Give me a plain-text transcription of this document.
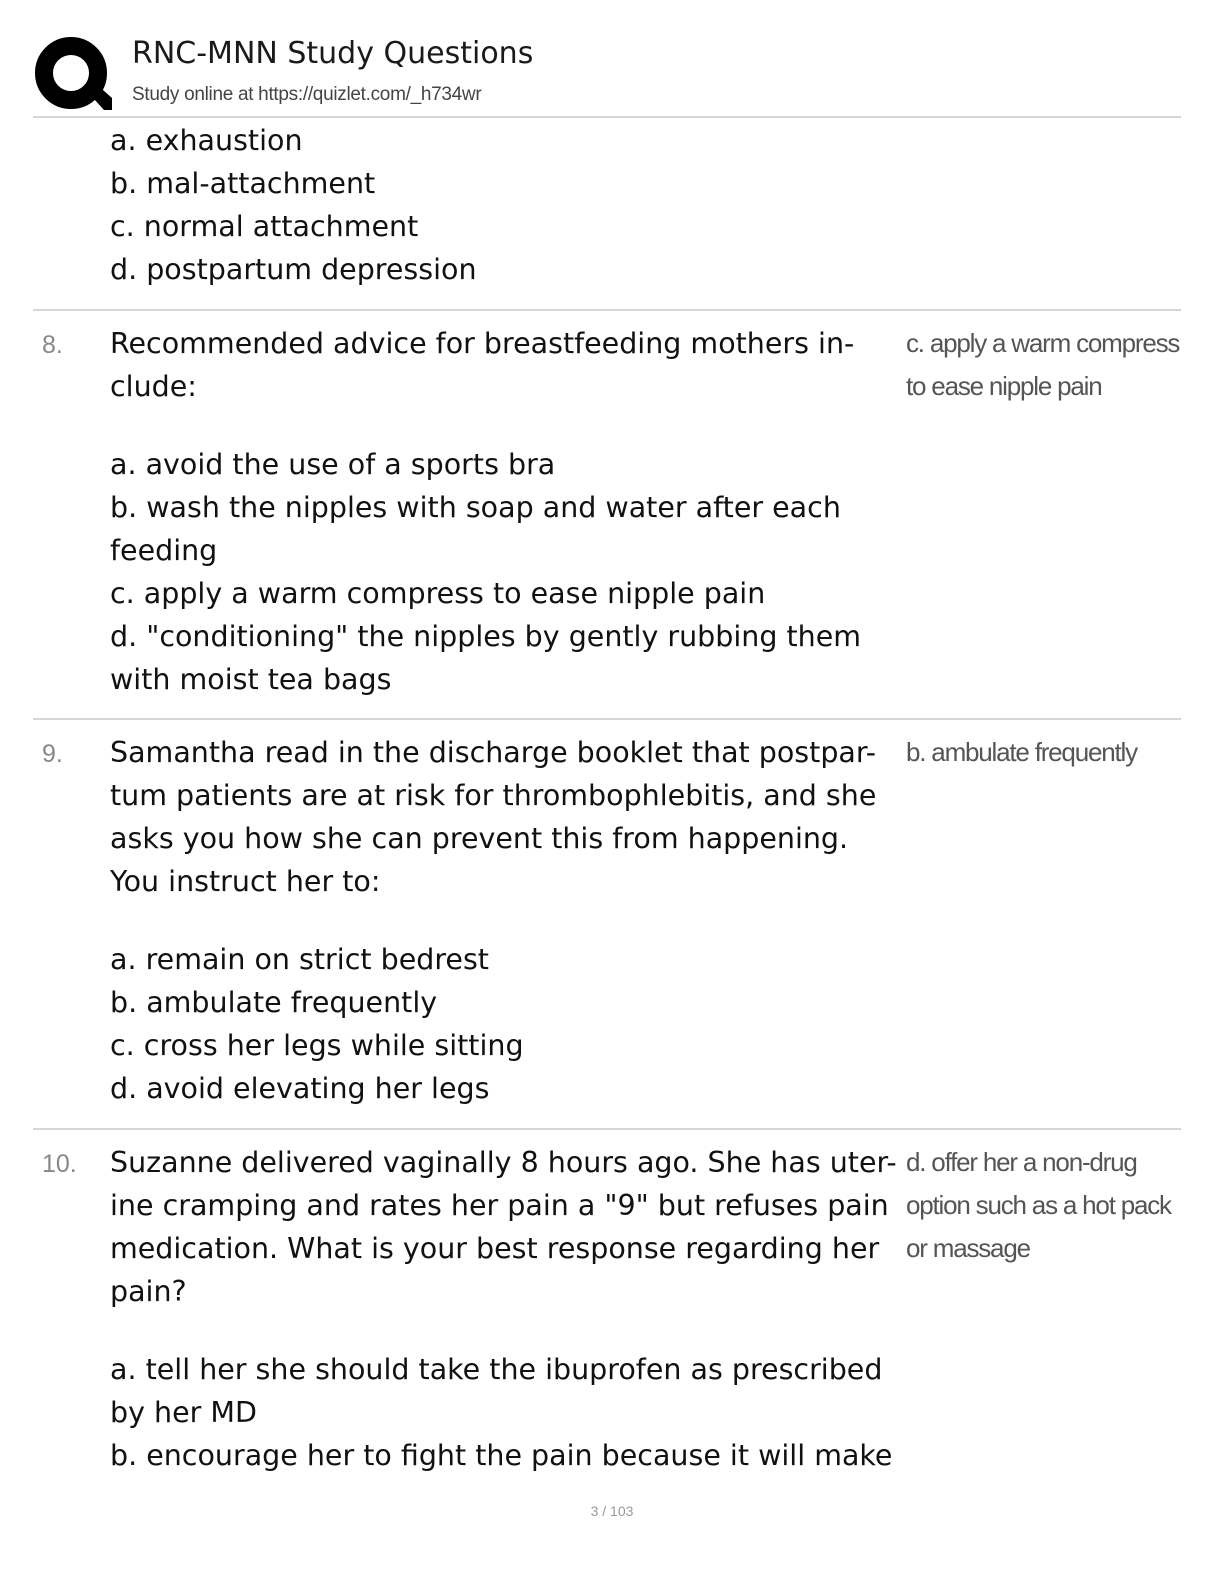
RNC-MNN Study Questions
Study online at https://quizlet.com/_h734wr
a. exhaustion
b. mal-attachment
c. normal attachment
d. postpartum depression
8. Recommended advice for breastfeeding mothers in-
clude:
a. avoid the use of a sports bra
b. wash the nipples with soap and water after each
feeding
c. apply a warm compress to ease nipple pain
d. "conditioning" the nipples by gently rubbing them
with moist tea bags
c. apply a warm compress
to ease nipple pain
9. Samantha read in the discharge booklet that postpar-
tum patients are at risk for thrombophlebitis, and she
asks you how she can prevent this from happening.
You instruct her to:
a. remain on strict bedrest
b. ambulate frequently
c. cross her legs while sitting
d. avoid elevating her legs
b. ambulate frequently
10. Suzanne delivered vaginally 8 hours ago. She has uter-
ine cramping and rates her pain a "9" but refuses pain
medication. What is your best response regarding her
pain?
a. tell her she should take the ibuprofen as prescribed
by her MD
b. encourage her to fight the pain because it will make
d. offer her a non-drug
option such as a hot pack
or massage
3 / 103
